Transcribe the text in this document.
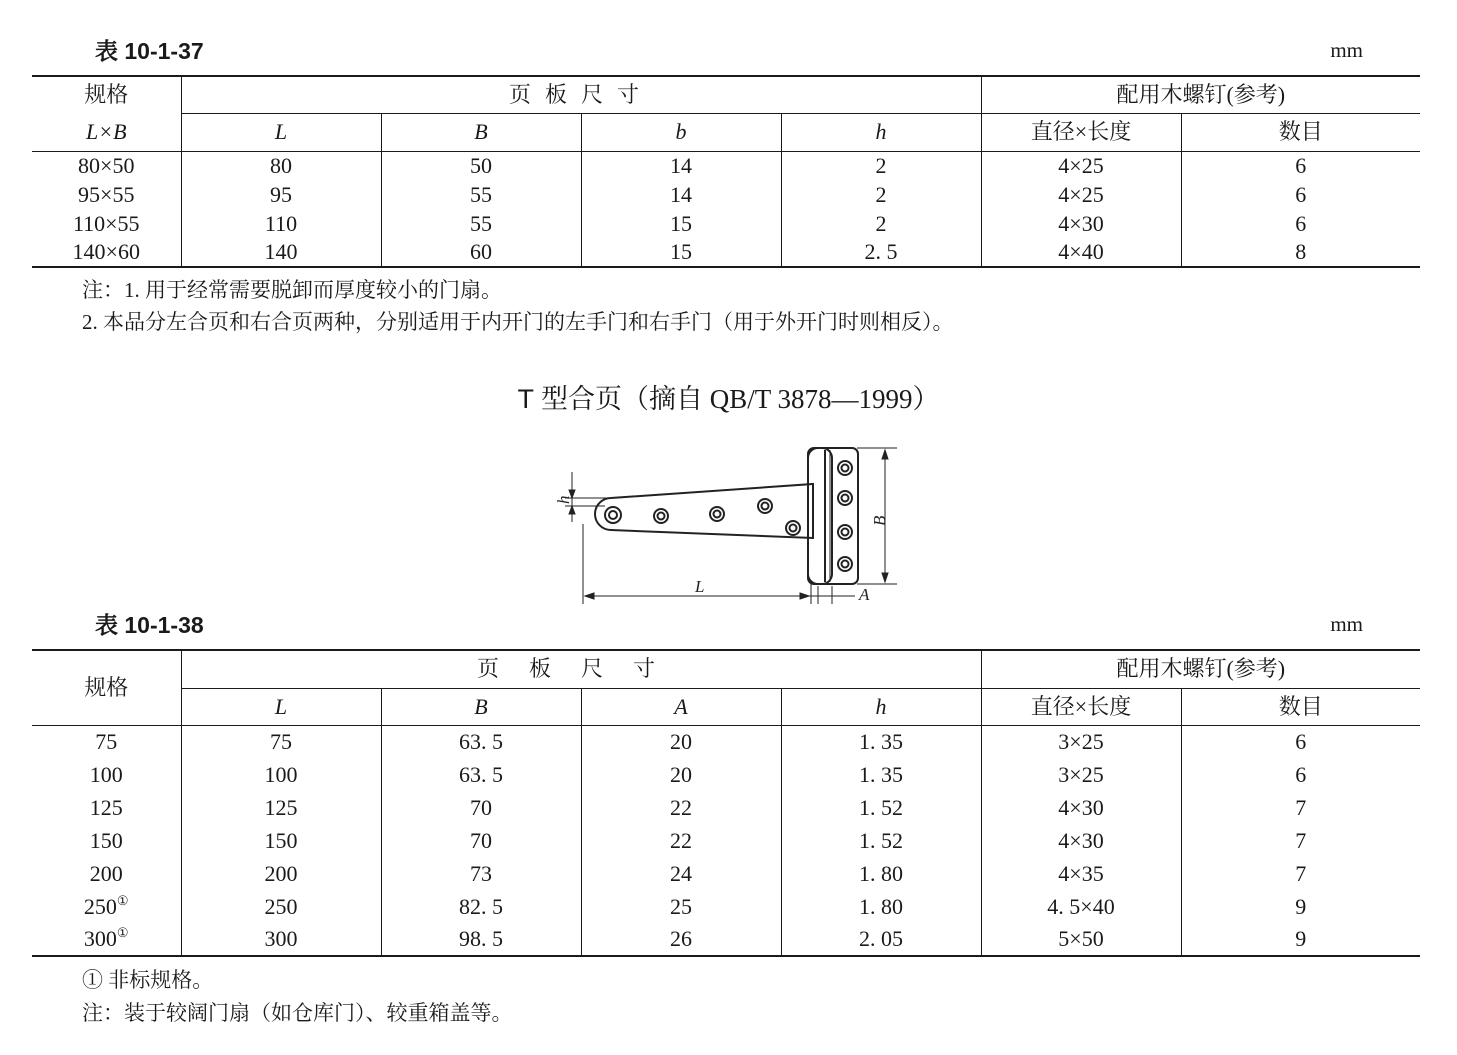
表 10-1-37	mm
规格	页板尺寸				配用木螺钉(参考)	
L×B	L	B	b	h	直径×长度	数目
80×50	80	50	14	2	4×25	6
95×55	95	55	14	2	4×25	6
110×55	110	55	15	2	4×30	6
140×60	140	60	15	2. 5	4×40	8
注：1. 用于经常需要脱卸而厚度较小的门扇。
2. 本品分左合页和右合页两种，分别适用于内开门的左手门和右手门（用于外开门时则相反）。
T 型合页（摘自 QB/T 3878—1999）
h
L
B
A
表 10-1-38	mm
规格	页板尺寸				配用木螺钉(参考)	
	L	B	A	h	直径×长度	数目
75	75	63. 5	20	1. 35	3×25	6
100	100	63. 5	20	1. 35	3×25	6
125	125	70	22	1. 52	4×30	7
150	150	70	22	1. 52	4×30	7
200	200	73	24	1. 80	4×35	7
250①	250	82. 5	25	1. 80	4. 5×40	9
300①	300	98. 5	26	2. 05	5×50	9
① 非标规格。
注：装于较阔门扇（如仓库门）、较重箱盖等。
